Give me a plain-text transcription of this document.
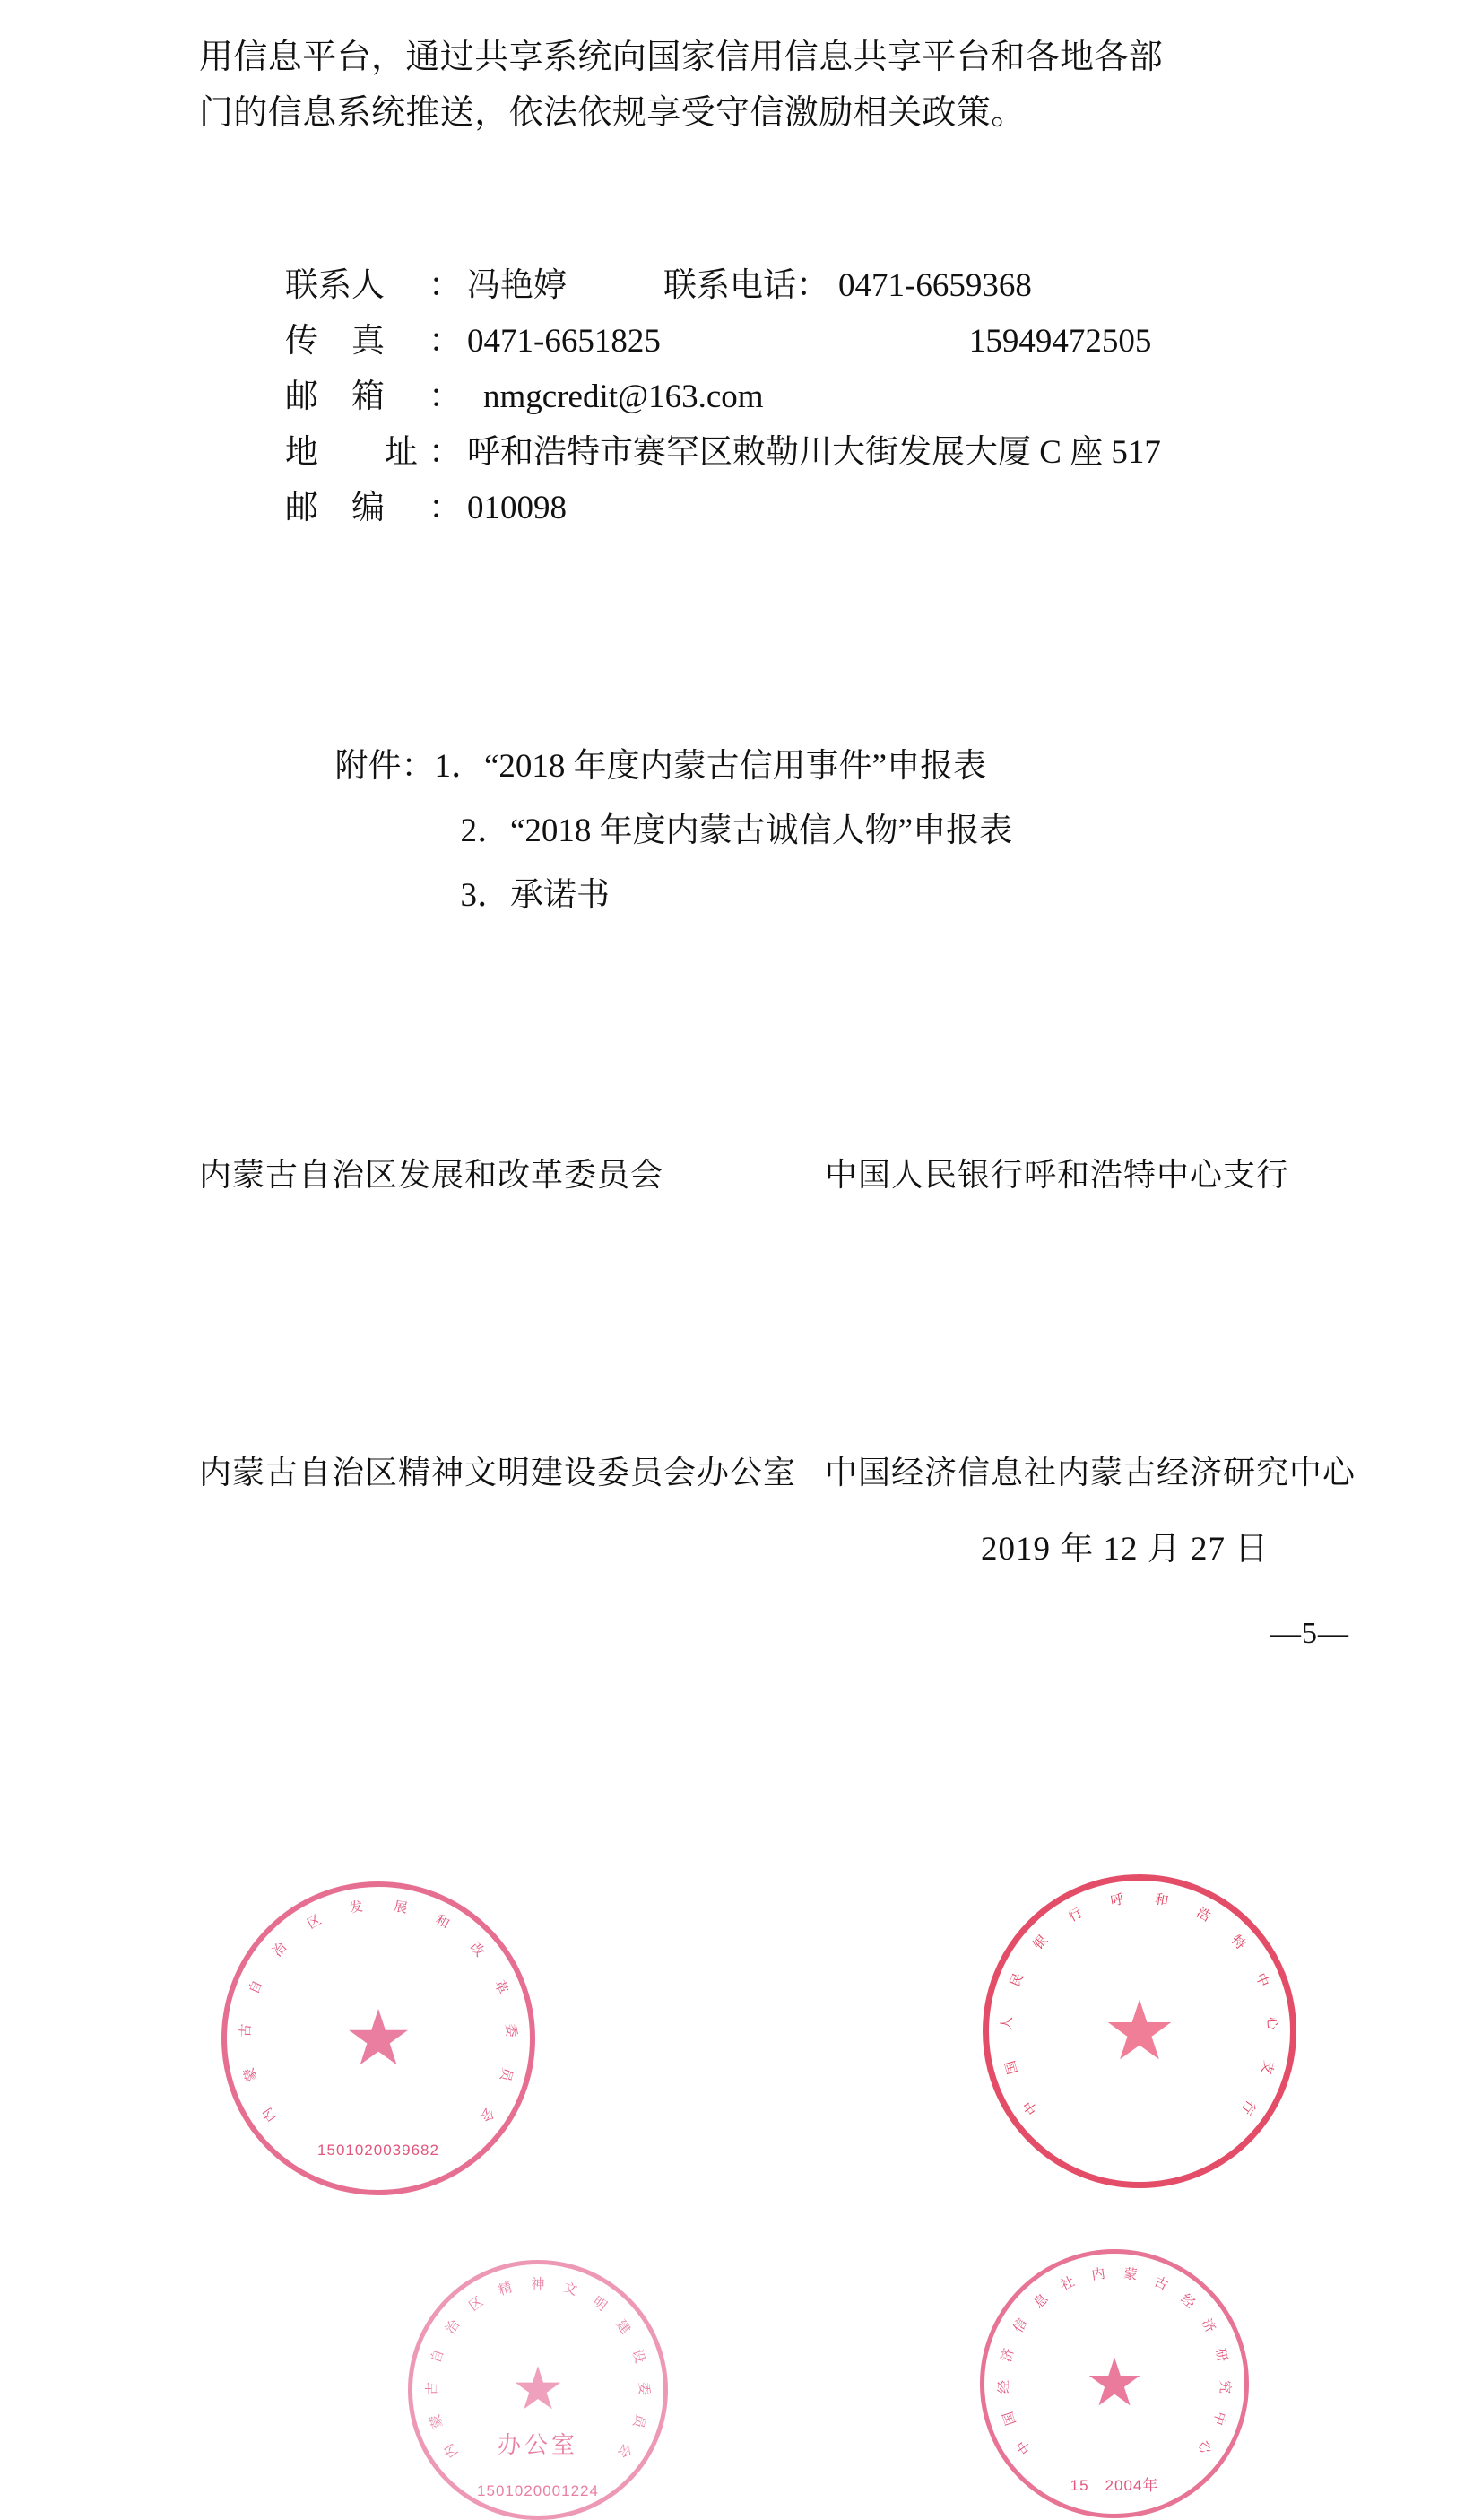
用信息平台，通过共享系统向国家信用信息共享平台和各地各部
门的信息系统推送，依法依规享受守信激励相关政策。
联系人	： 冯艳婷	联系电话 ： 0471-6659368
传　真	： 0471-6651825	15949472505
邮　箱	： nmgcredit@163.com
地　　址 ： 呼和浩特市赛罕区敕勒川大街发展大厦 C 座 517
邮　编	： 010098

附件：1．“2018 年度内蒙古信用事件”申报表

2．“2018 年度内蒙古诚信人物”申报表

3．承诺书

内
蒙
古
自
治
区
发 展
和
改
革
委
员
会
★
1501020039682
中
国
人
民
银
行
呼 和
浩
特
中
心
支
行
★
内
蒙
古
自
治
区
精 神 文
明
建
设
委
员
会
★
办公室
1501020001224
中
国
经
济
信
息
社 内 蒙 古
经
济
研
究
中
心
★
15　2004年
内蒙古自治区发展和改革委员会	中国人民银行呼和浩特中心支行
内蒙古自治区精神文明建设委员会办公室 中国经济信息社内蒙古经济研究中心
2019 年 12 月 27 日
—5—
